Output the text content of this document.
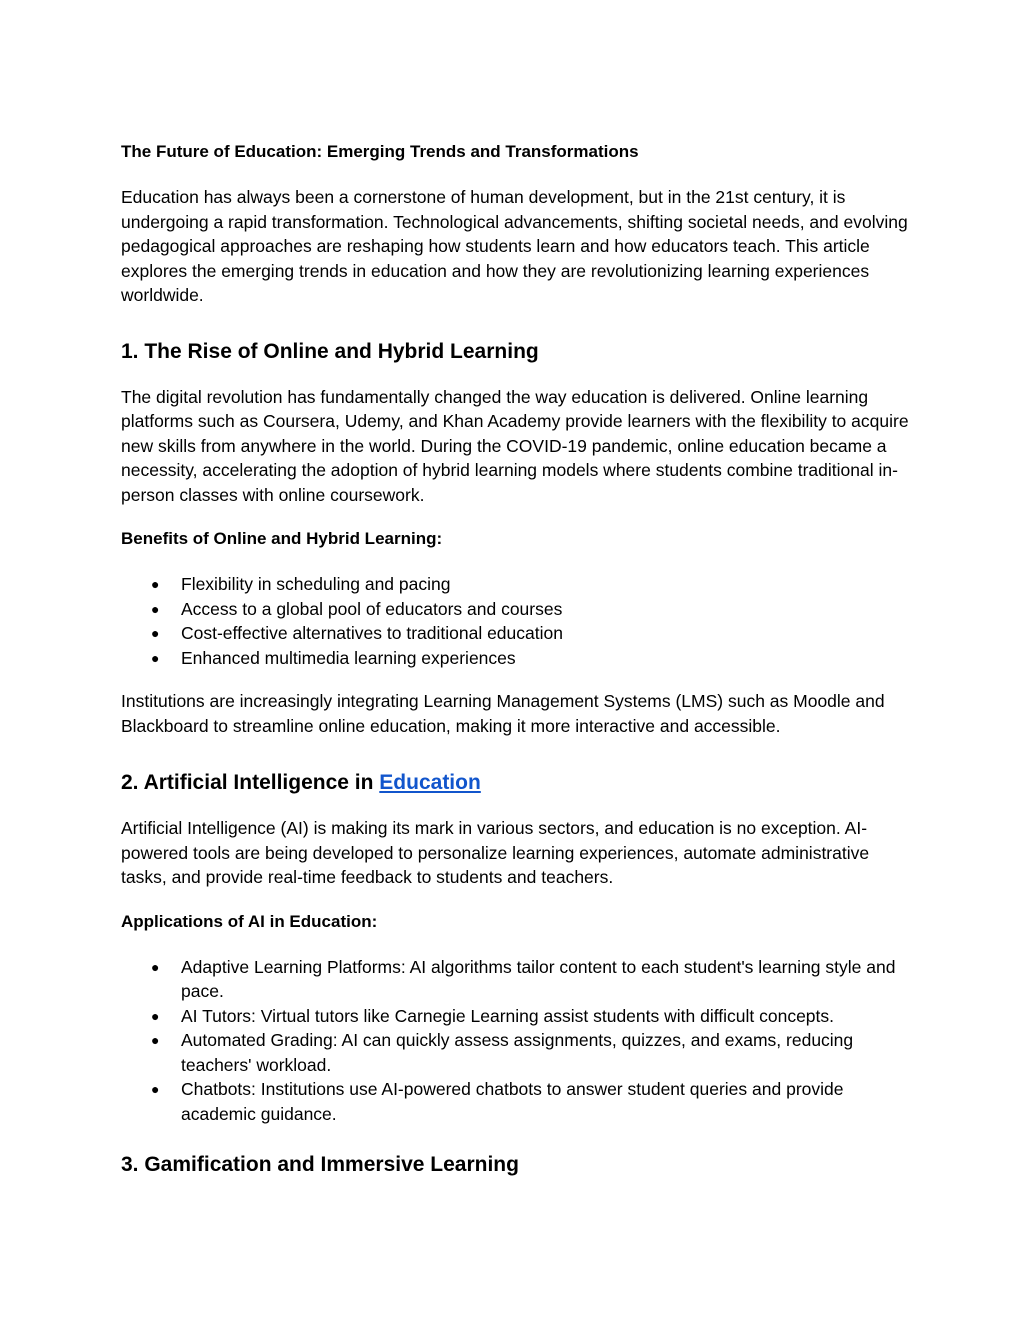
The Future of Education: Emerging Trends and Transformations

Education has always been a cornerstone of human development, but in the 21st century, it is undergoing a rapid transformation. Technological advancements, shifting societal needs, and evolving pedagogical approaches are reshaping how students learn and how educators teach. This article explores the emerging trends in education and how they are revolutionizing learning experiences worldwide.

1. The Rise of Online and Hybrid Learning

The digital revolution has fundamentally changed the way education is delivered. Online learning platforms such as Coursera, Udemy, and Khan Academy provide learners with the flexibility to acquire new skills from anywhere in the world. During the COVID-19 pandemic, online education became a necessity, accelerating the adoption of hybrid learning models where students combine traditional in-person classes with online coursework.

Benefits of Online and Hybrid Learning:
● Flexibility in scheduling and pacing
● Access to a global pool of educators and courses
● Cost-effective alternatives to traditional education
● Enhanced multimedia learning experiences

Institutions are increasingly integrating Learning Management Systems (LMS) such as Moodle and Blackboard to streamline online education, making it more interactive and accessible.

2. Artificial Intelligence in Education

Artificial Intelligence (AI) is making its mark in various sectors, and education is no exception. AI-powered tools are being developed to personalize learning experiences, automate administrative tasks, and provide real-time feedback to students and teachers.

Applications of AI in Education:
● Adaptive Learning Platforms: AI algorithms tailor content to each student's learning style and pace.
● AI Tutors: Virtual tutors like Carnegie Learning assist students with difficult concepts.
● Automated Grading: AI can quickly assess assignments, quizzes, and exams, reducing teachers' workload.
● Chatbots: Institutions use AI-powered chatbots to answer student queries and provide academic guidance.
3. Gamification and Immersive Learning
